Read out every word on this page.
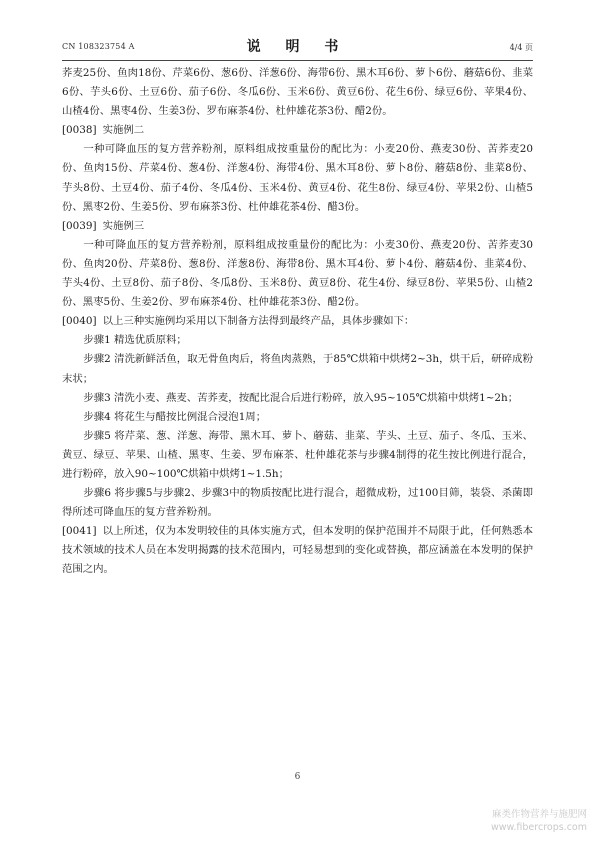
CN 108323754 A	说 明 书	4/4 页

荞麦25份、鱼肉18份、芹菜6份、葱6份、洋葱6份、海带6份、黑木耳6份、萝卜6份、蘑菇6份、韭菜6份、芋头6份、土豆6份、茄子6份、冬瓜6份、玉米6份、黄豆6份、花生6份、绿豆6份、苹果4份、山楂4份、黑枣4份、生姜3份、罗布麻茶4份、杜仲雄花茶3份、醋2份。

[0038] 实施例二

一种可降血压的复方营养粉剂，原料组成按重量份的配比为：小麦20份、燕麦30份、苦荞麦20份、鱼肉15份、芹菜4份、葱4份、洋葱4份、海带4份、黑木耳8份、萝卜8份、蘑菇8份、韭菜8份、芋头8份、土豆4份、茄子4份、冬瓜4份、玉米4份、黄豆4份、花生8份、绿豆4份、苹果2份、山楂5份、黑枣2份、生姜5份、罗布麻茶3份、杜仲雄花茶4份、醋3份。

[0039] 实施例三

一种可降血压的复方营养粉剂，原料组成按重量份的配比为：小麦30份、燕麦20份、苦荞麦30份、鱼肉20份、芹菜8份、葱8份、洋葱8份、海带8份、黑木耳4份、萝卜4份、蘑菇4份、韭菜4份、芋头4份、土豆8份、茄子8份、冬瓜8份、玉米8份、黄豆8份、花生4份、绿豆8份、苹果5份、山楂2份、黑枣5份、生姜2份、罗布麻茶4份、杜仲雄花茶3份、醋2份。

[0040] 以上三种实施例均采用以下制备方法得到最终产品，具体步骤如下：

步骤1 精选优质原料；

步骤2 清洗新鲜活鱼，取无骨鱼肉后，将鱼肉蒸熟，于85℃烘箱中烘烤2~3h，烘干后，研碎成粉末状；

步骤3 清洗小麦、燕麦、苦荞麦，按配比混合后进行粉碎，放入95~105℃烘箱中烘烤1~2h；

步骤4 将花生与醋按比例混合浸泡1周；

步骤5 将芹菜、葱、洋葱、海带、黑木耳、萝卜、蘑菇、韭菜、芋头、土豆、茄子、冬瓜、玉米、黄豆、绿豆、苹果、山楂、黑枣、生姜、罗布麻茶、杜仲雄花茶与步骤4制得的花生按比例进行混合，进行粉碎，放入90~100℃烘箱中烘烤1~1.5h；

步骤6 将步骤5与步骤2、步骤3中的物质按配比进行混合，超微成粉，过100目筛，装袋、杀菌即得所述可降血压的复方营养粉剂。

[0041] 以上所述，仅为本发明较佳的具体实施方式，但本发明的保护范围并不局限于此，任何熟悉本技术领域的技术人员在本发明揭露的技术范围内，可轻易想到的变化或替换，都应涵盖在本发明的保护范围之内。

6
麻类作物营养与施肥网
www.fibercrops.com
